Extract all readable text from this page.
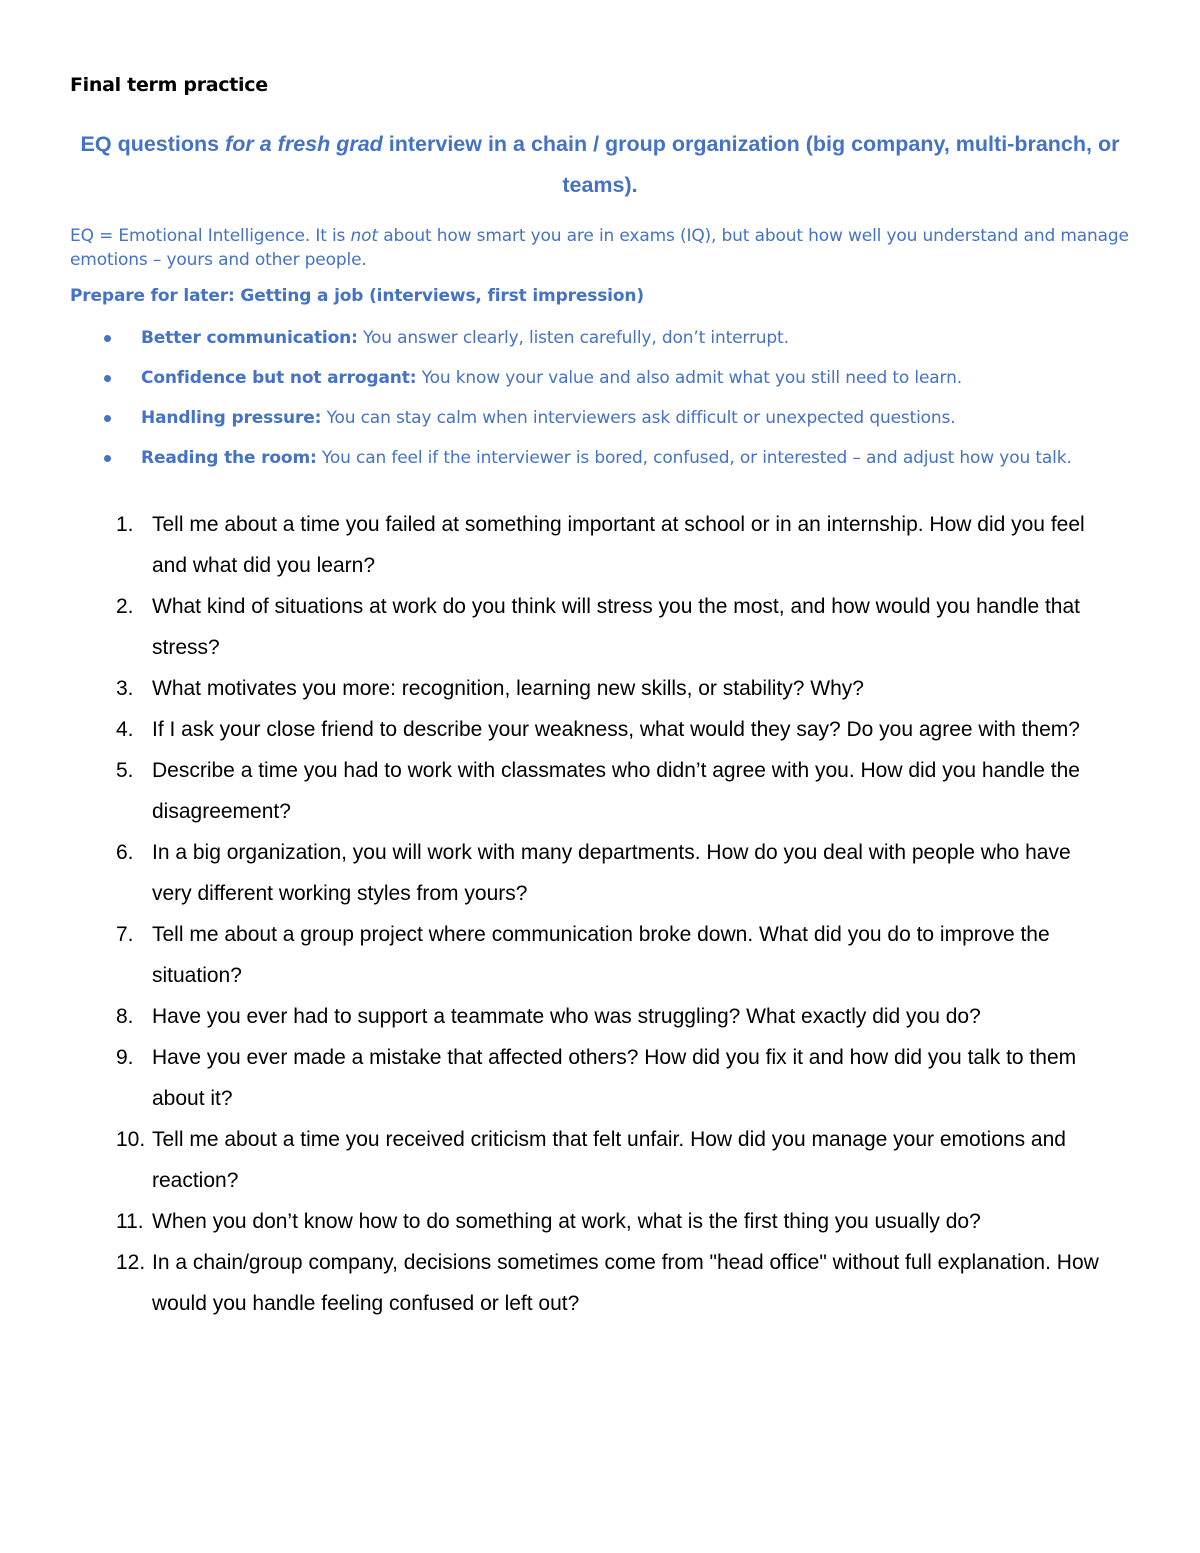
Final term practice
EQ questions for a fresh grad interview in a chain / group organization (big company, multi-branch, or teams).
EQ = Emotional Intelligence. It is not about how smart you are in exams (IQ), but about how well you understand and manage emotions – yours and other people.
Prepare for later: Getting a job (interviews, first impression)
Better communication: You answer clearly, listen carefully, don’t interrupt.
Confidence but not arrogant: You know your value and also admit what you still need to learn.
Handling pressure: You can stay calm when interviewers ask difficult or unexpected questions.
Reading the room: You can feel if the interviewer is bored, confused, or interested – and adjust how you talk.
1. Tell me about a time you failed at something important at school or in an internship. How did you feel and what did you learn?
2. What kind of situations at work do you think will stress you the most, and how would you handle that stress?
3. What motivates you more: recognition, learning new skills, or stability? Why?
4. If I ask your close friend to describe your weakness, what would they say? Do you agree with them?
5. Describe a time you had to work with classmates who didn’t agree with you. How did you handle the disagreement?
6. In a big organization, you will work with many departments. How do you deal with people who have very different working styles from yours?
7. Tell me about a group project where communication broke down. What did you do to improve the situation?
8. Have you ever had to support a teammate who was struggling? What exactly did you do?
9. Have you ever made a mistake that affected others? How did you fix it and how did you talk to them about it?
10. Tell me about a time you received criticism that felt unfair. How did you manage your emotions and reaction?
11. When you don’t know how to do something at work, what is the first thing you usually do?
12. In a chain/group company, decisions sometimes come from "head office" without full explanation. How would you handle feeling confused or left out?
